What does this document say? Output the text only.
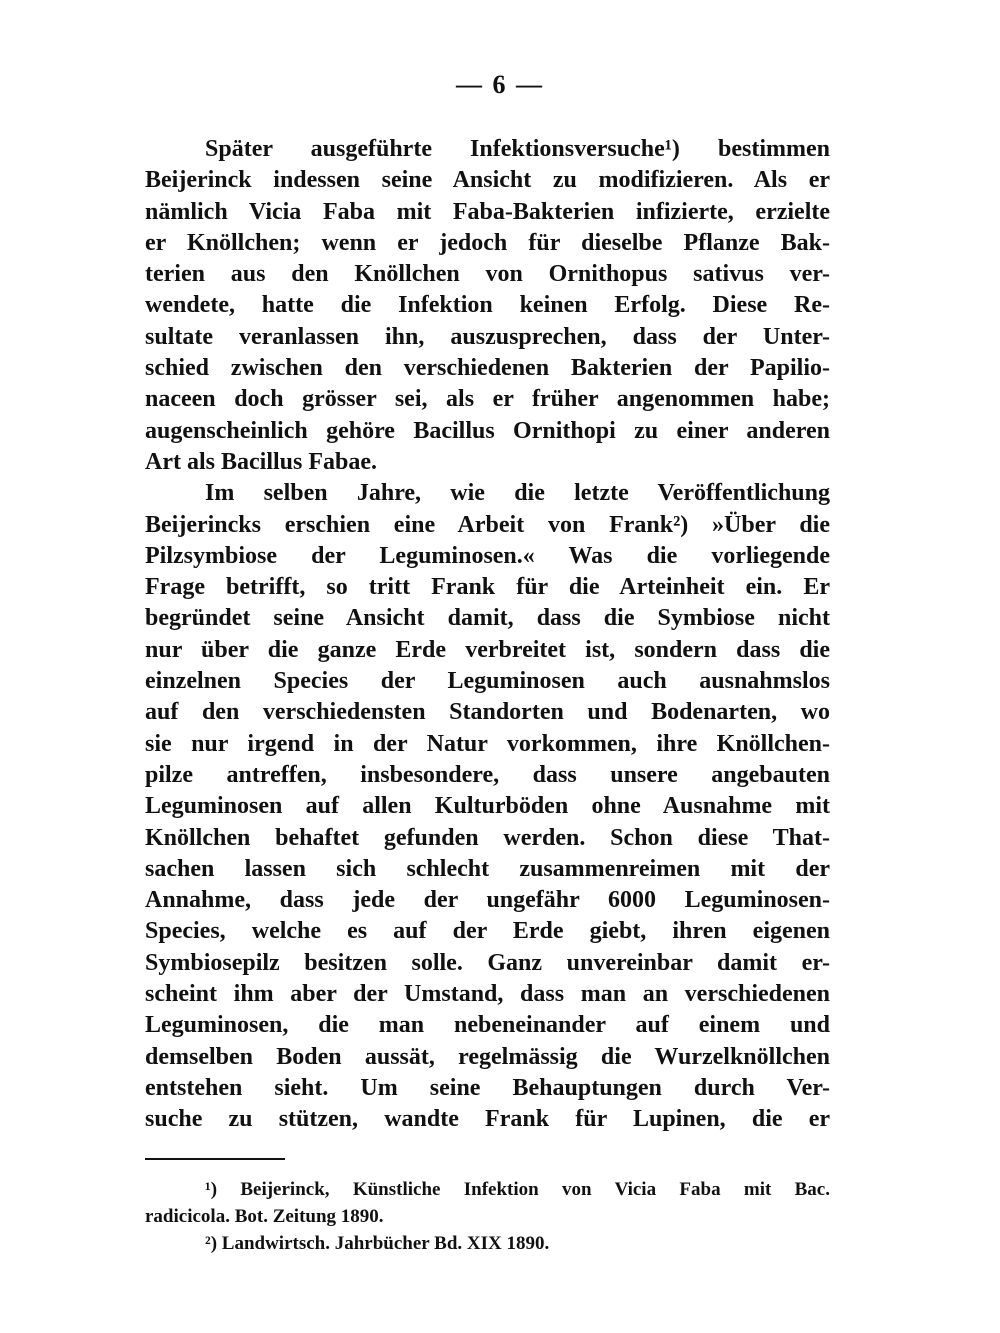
— 6 —
Später ausgeführte Infektionsversuche¹) bestimmen
Beijerinck indessen seine Ansicht zu modifizieren. Als er
nämlich Vicia Faba mit Faba-Bakterien infizierte, erzielte
er Knöllchen; wenn er jedoch für dieselbe Pflanze Bak-
terien aus den Knöllchen von Ornithopus sativus ver-
wendete, hatte die Infektion keinen Erfolg. Diese Re-
sultate veranlassen ihn, auszusprechen, dass der Unter-
schied zwischen den verschiedenen Bakterien der Papilio-
naceen doch grösser sei, als er früher angenommen habe;
augenscheinlich gehöre Bacillus Ornithopi zu einer anderen
Art als Bacillus Fabae.
Im selben Jahre, wie die letzte Veröffentlichung
Beijerincks erschien eine Arbeit von Frank²) »Über die
Pilzsymbiose der Leguminosen.« Was die vorliegende
Frage betrifft, so tritt Frank für die Arteinheit ein. Er
begründet seine Ansicht damit, dass die Symbiose nicht
nur über die ganze Erde verbreitet ist, sondern dass die
einzelnen Species der Leguminosen auch ausnahmslos
auf den verschiedensten Standorten und Bodenarten, wo
sie nur irgend in der Natur vorkommen, ihre Knöllchen-
pilze antreffen, insbesondere, dass unsere angebauten
Leguminosen auf allen Kulturböden ohne Ausnahme mit
Knöllchen behaftet gefunden werden. Schon diese That-
sachen lassen sich schlecht zusammenreimen mit der
Annahme, dass jede der ungefähr 6000 Leguminosen-
Species, welche es auf der Erde giebt, ihren eigenen
Symbiosepilz besitzen solle. Ganz unvereinbar damit er-
scheint ihm aber der Umstand, dass man an verschiedenen
Leguminosen, die man nebeneinander auf einem und
demselben Boden aussät, regelmässig die Wurzelknöllchen
entstehen sieht. Um seine Behauptungen durch Ver-
suche zu stützen, wandte Frank für Lupinen, die er
¹) Beijerinck, Künstliche Infektion von Vicia Faba mit Bac.
radicicola. Bot. Zeitung 1890.
²) Landwirtsch. Jahrbücher Bd. XIX 1890.
